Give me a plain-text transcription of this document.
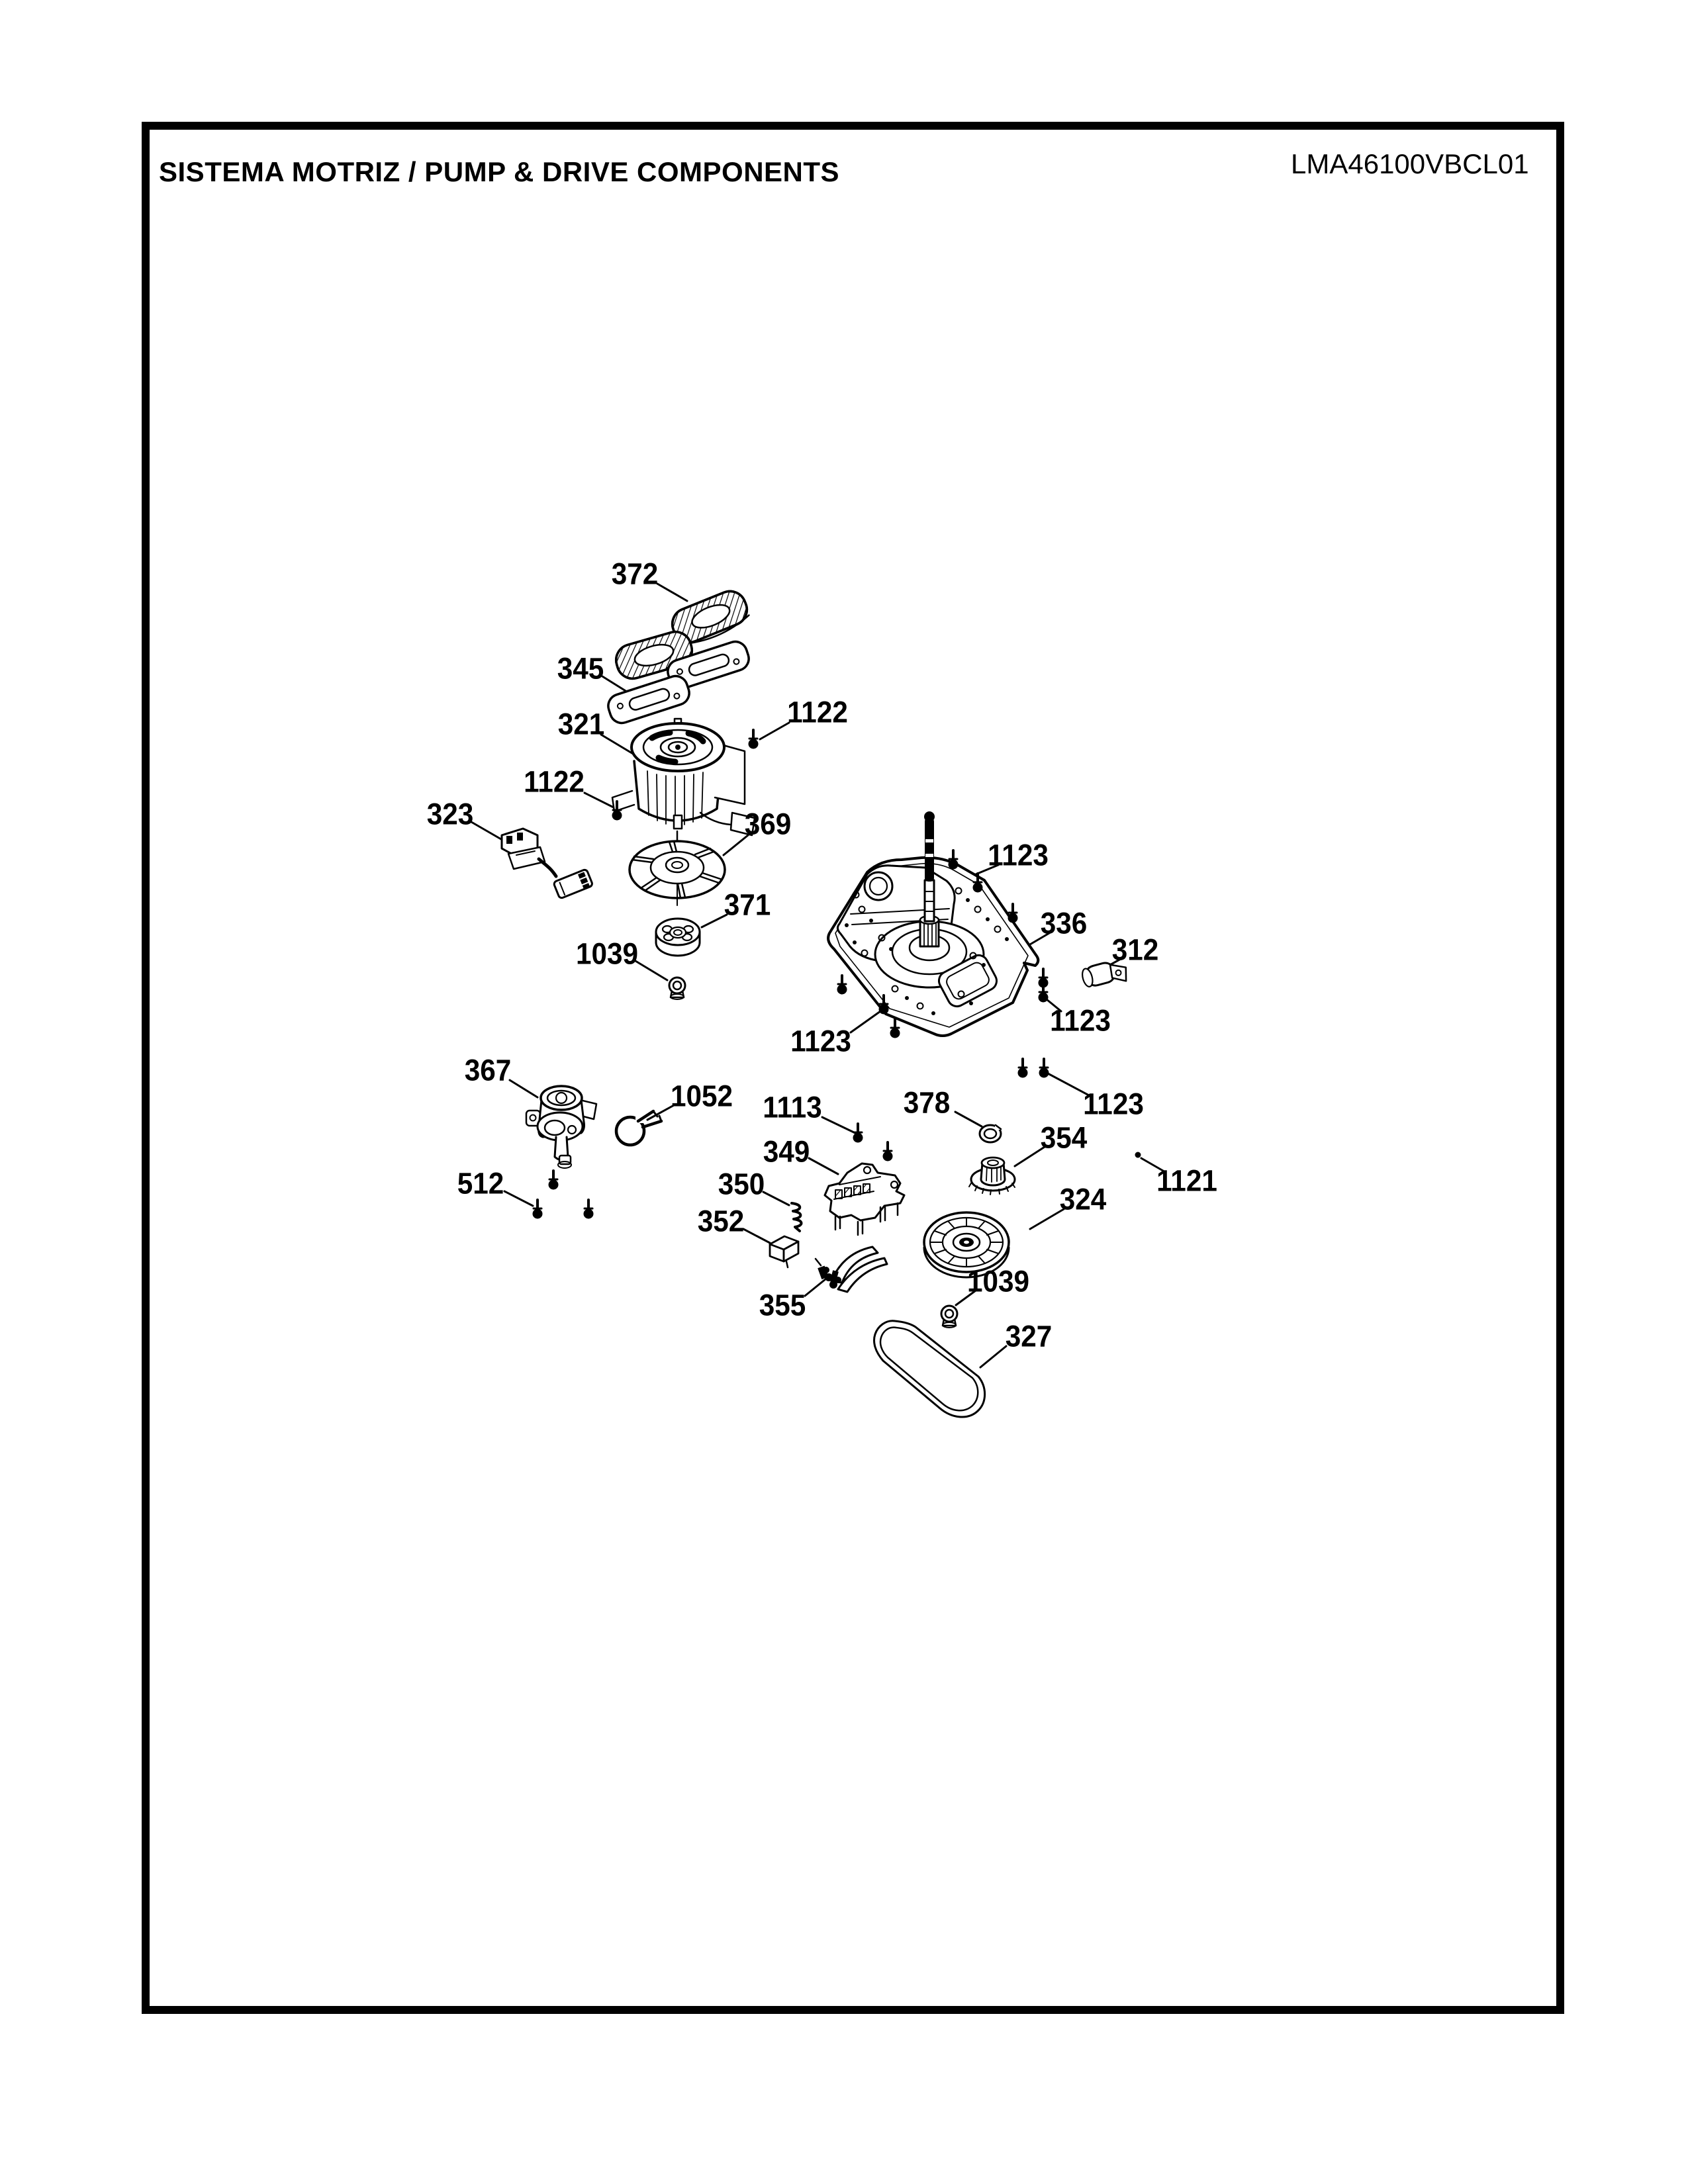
SISTEMA MOTRIZ / PUMP & DRIVE COMPONENTS	LMA46100VBCL01
372
345
321	1122
1122
323	369
371
1039
1123
336
312
1123
1123
1123
367
1052 1113	378
349
350
354
1121
352
324
512
355
1039
327
